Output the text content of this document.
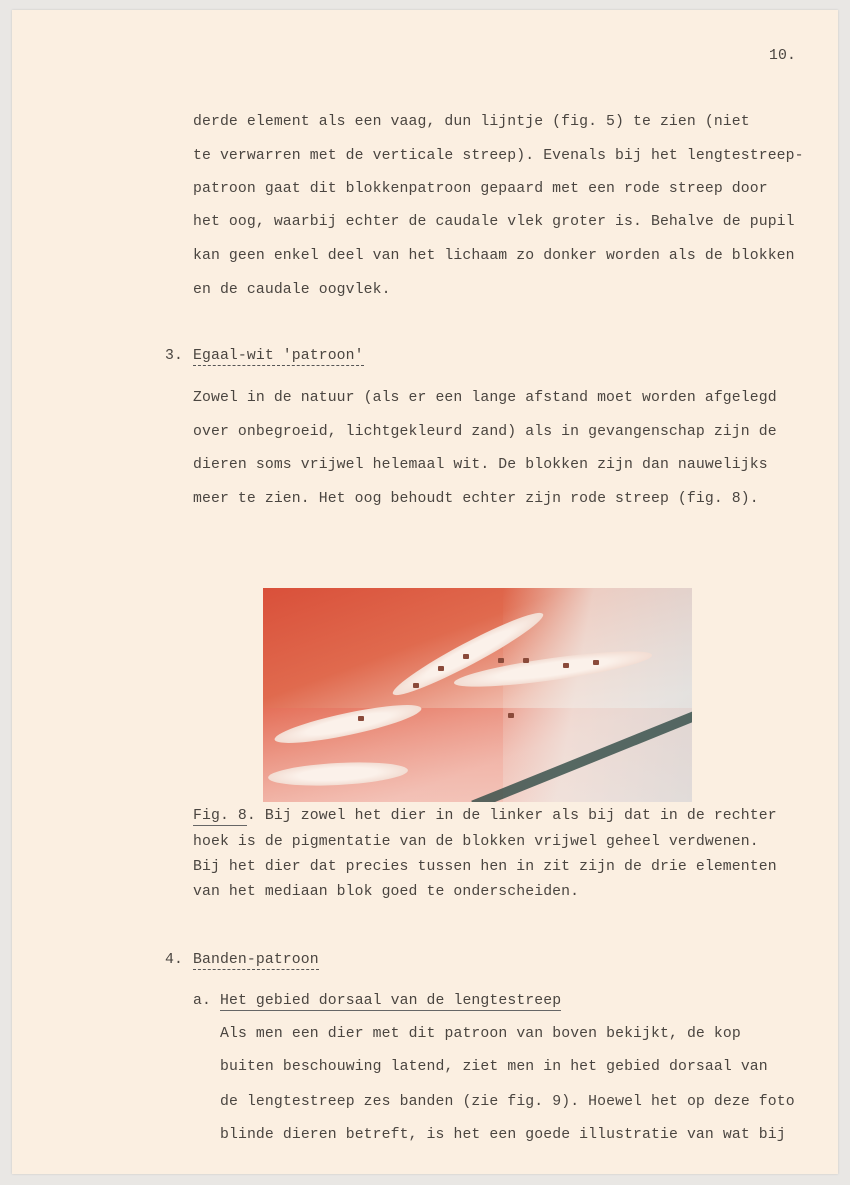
10.
derde element als een vaag, dun lijntje (fig. 5) te zien (niet
te verwarren met de verticale streep). Evenals bij het lengtestreep-
patroon gaat dit blokkenpatroon gepaard met een rode streep door
het oog, waarbij echter de caudale vlek groter is. Behalve de pupil
kan geen enkel deel van het lichaam zo donker worden als de blokken
en de caudale oogvlek.
3. Egaal-wit 'patroon'
Zowel in de natuur (als er een lange afstand moet worden afgelegd
over onbegroeid, lichtgekleurd zand) als in gevangenschap zijn de
dieren soms vrijwel helemaal wit. De blokken zijn dan nauwelijks
meer te zien. Het oog behoudt echter zijn rode streep (fig. 8).
Fig. 8. Bij zowel het dier in de linker als bij dat in de rechter
hoek is de pigmentatie van de blokken vrijwel geheel verdwenen.
Bij het dier dat precies tussen hen in zit zijn de drie elementen
van het mediaan blok goed te onderscheiden.
4. Banden-patroon
a. Het gebied dorsaal van de lengtestreep
Als men een dier met dit patroon van boven bekijkt, de kop
buiten beschouwing latend, ziet men in het gebied dorsaal van
de lengtestreep zes banden (zie fig. 9). Hoewel het op deze foto
blinde dieren betreft, is het een goede illustratie van wat bij
